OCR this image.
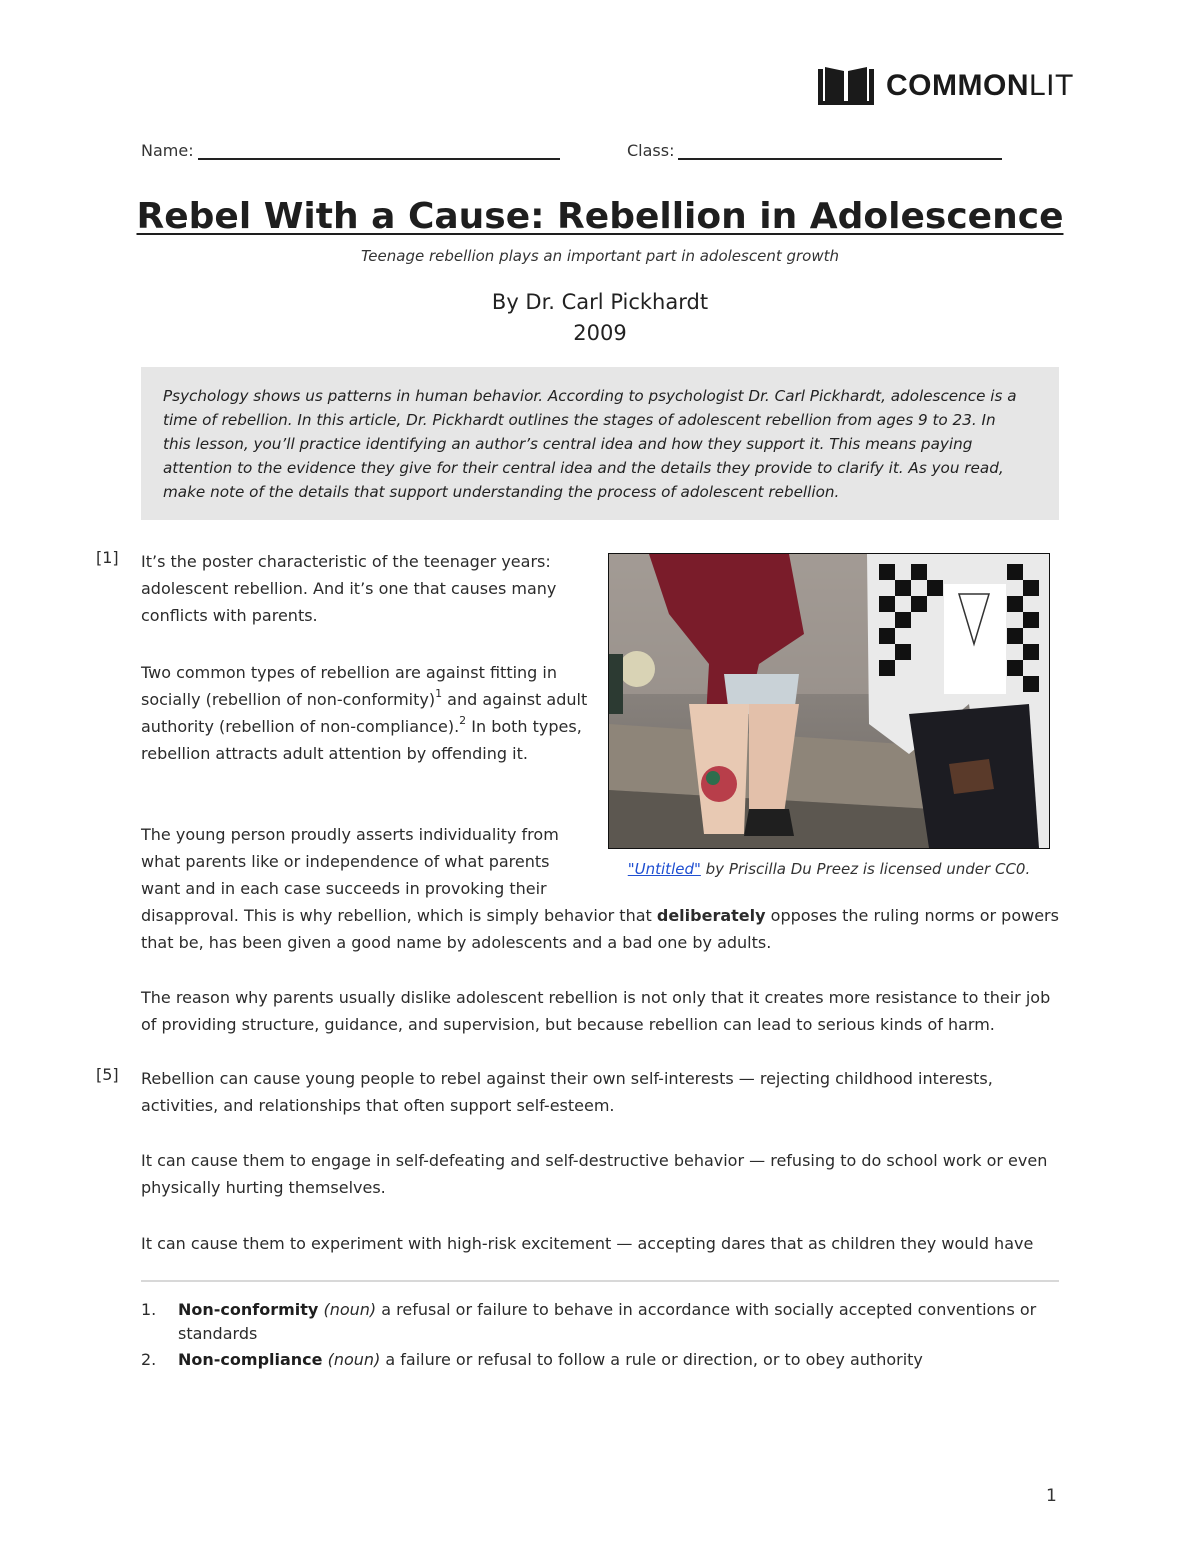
COMMONLIT
Name:	Class:
Rebel With a Cause: Rebellion in Adolescence
Teenage rebellion plays an important part in adolescent growth
By Dr. Carl Pickhardt
2009
Psychology shows us patterns in human behavior. According to psychologist Dr. Carl Pickhardt, adolescence is a
time of rebellion. In this article, Dr. Pickhardt outlines the stages of adolescent rebellion from ages 9 to 23. In
this lesson, you’ll practice identifying an author’s central idea and how they support it. This means paying
attention to the evidence they give for their central idea and the details they provide to clarify it. As you read,
make note of the details that support understanding the process of adolescent rebellion.
[1] It’s the poster characteristic of the teenager years: adolescent rebellion. And it’s one that causes many conflicts with parents.
Two common types of rebellion are against fitting in socially (rebellion of non-conformity)$^1$ and against adult authority (rebellion of non-compliance).$^2$ In both types, rebellion attracts adult attention by offending it.
The young person proudly asserts individuality from
what parents like or independence of what parents
want and in each case succeeds in provoking their
disapproval. This is why rebellion, which is simply behavior that deliberately opposes the ruling norms or powers that be, has been given a good name by adolescents and a bad one by adults.
The reason why parents usually dislike adolescent rebellion is not only that it creates more resistance to their job of providing structure, guidance, and supervision, but because rebellion can lead to serious kinds of harm.
[5] Rebellion can cause young people to rebel against their own self-interests — rejecting childhood interests, activities, and relationships that often support self-esteem.
It can cause them to engage in self-defeating and self-destructive behavior — refusing to do school work or even physically hurting themselves.
It can cause them to experiment with high-risk excitement — accepting dares that as children they would have
"Untitled" by Priscilla Du Preez is licensed under CC0.
1.	Non-conformity (noun) a refusal or failure to behave in accordance with socially accepted conventions or standards
2.	Non-compliance (noun) a failure or refusal to follow a rule or direction, or to obey authority
1
